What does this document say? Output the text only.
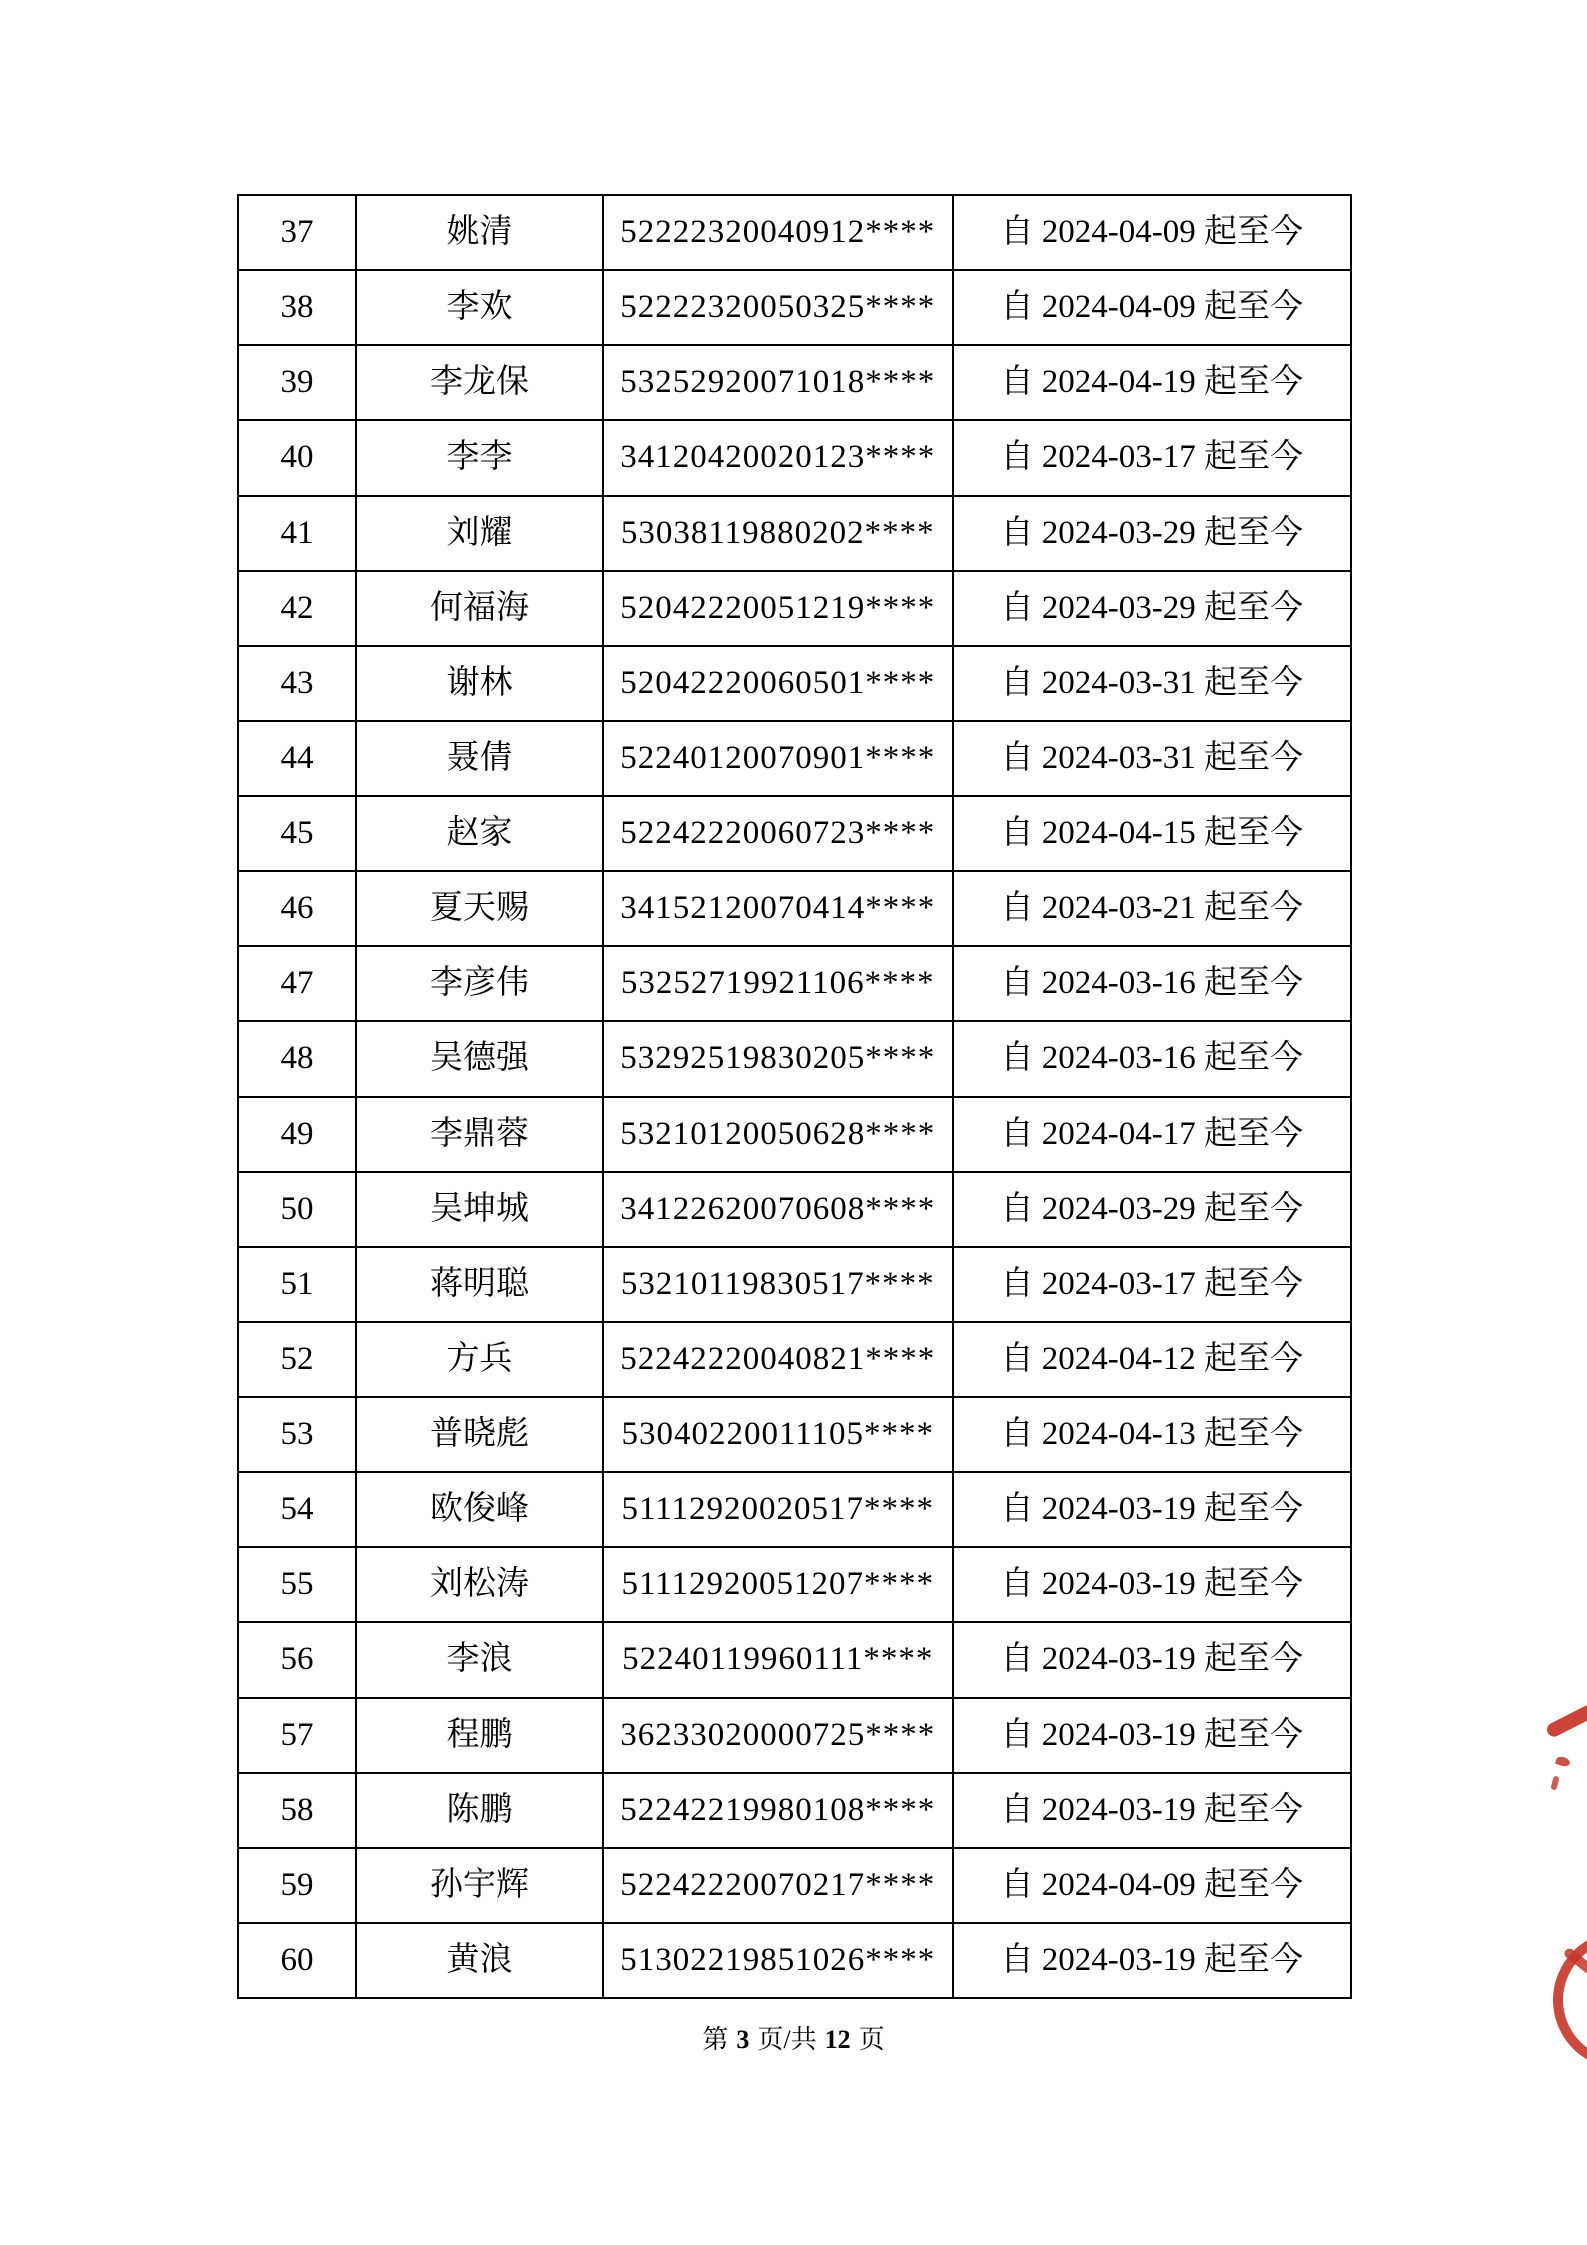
37	姚清	52222320040912****	自 2024-04-09 起至今
38	李欢	52222320050325****	自 2024-04-09 起至今
39	李龙保	53252920071018****	自 2024-04-19 起至今
40	李李	34120420020123****	自 2024-03-17 起至今
41	刘耀	53038119880202****	自 2024-03-29 起至今
42	何福海	52042220051219****	自 2024-03-29 起至今
43	谢林	52042220060501****	自 2024-03-31 起至今
44	聂倩	52240120070901****	自 2024-03-31 起至今
45	赵家	52242220060723****	自 2024-04-15 起至今
46	夏天赐	34152120070414****	自 2024-03-21 起至今
47	李彦伟	53252719921106****	自 2024-03-16 起至今
48	吴德强	53292519830205****	自 2024-03-16 起至今
49	李鼎蓉	53210120050628****	自 2024-04-17 起至今
50	吴坤城	34122620070608****	自 2024-03-29 起至今
51	蒋明聪	53210119830517****	自 2024-03-17 起至今
52	方兵	52242220040821****	自 2024-04-12 起至今
53	普晓彪	53040220011105****	自 2024-04-13 起至今
54	欧俊峰	51112920020517****	自 2024-03-19 起至今
55	刘松涛	51112920051207****	自 2024-03-19 起至今
56	李浪	52240119960111****	自 2024-03-19 起至今
57	程鹏	36233020000725****	自 2024-03-19 起至今
58	陈鹏	52242219980108****	自 2024-03-19 起至今
59	孙宇辉	52242220070217****	自 2024-04-09 起至今
60	黄浪	51302219851026****	自 2024-03-19 起至今
第 3 页/共 12 页
